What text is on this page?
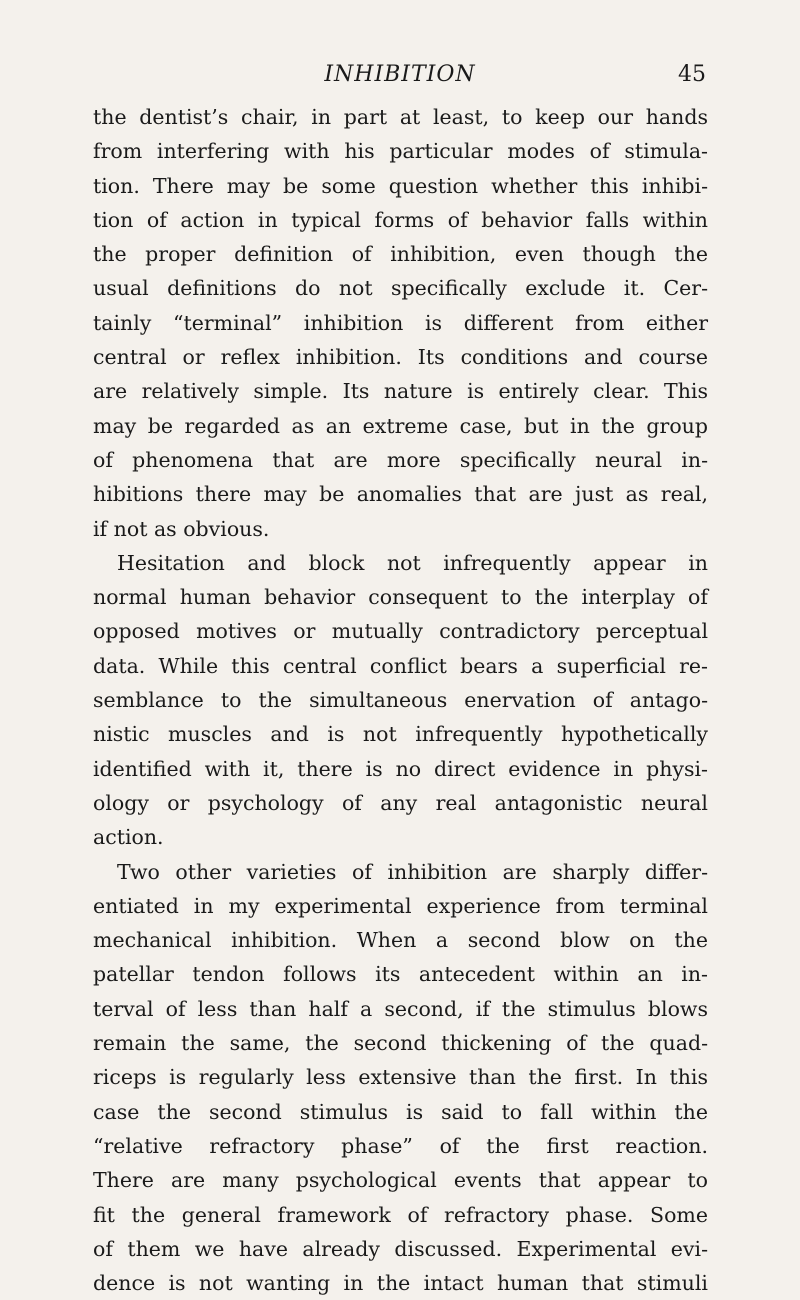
INHIBITION	45
the dentist’s chair, in part at least, to keep our hands
from interfering with his particular modes of stimula-
tion. There may be some question whether this inhibi-
tion of action in typical forms of behavior falls within
the proper definition of inhibition, even though the
usual definitions do not specifically exclude it. Cer-
tainly “terminal” inhibition is different from either
central or reflex inhibition. Its conditions and course
are relatively simple. Its nature is entirely clear. This
may be regarded as an extreme case, but in the group
of phenomena that are more specifically neural in-
hibitions there may be anomalies that are just as real,
if not as obvious.
Hesitation and block not infrequently appear in
normal human behavior consequent to the interplay of
opposed motives or mutually contradictory perceptual
data. While this central conflict bears a superficial re-
semblance to the simultaneous enervation of antago-
nistic muscles and is not infrequently hypothetically
identified with it, there is no direct evidence in physi-
ology or psychology of any real antagonistic neural
action.
Two other varieties of inhibition are sharply differ-
entiated in my experimental experience from terminal
mechanical inhibition. When a second blow on the
patellar tendon follows its antecedent within an in-
terval of less than half a second, if the stimulus blows
remain the same, the second thickening of the quad-
riceps is regularly less extensive than the first. In this
case the second stimulus is said to fall within the
“relative refractory phase” of the first reaction.
There are many psychological events that appear to
fit the general framework of refractory phase. Some
of them we have already discussed. Experimental evi-
dence is not wanting in the intact human that stimuli
